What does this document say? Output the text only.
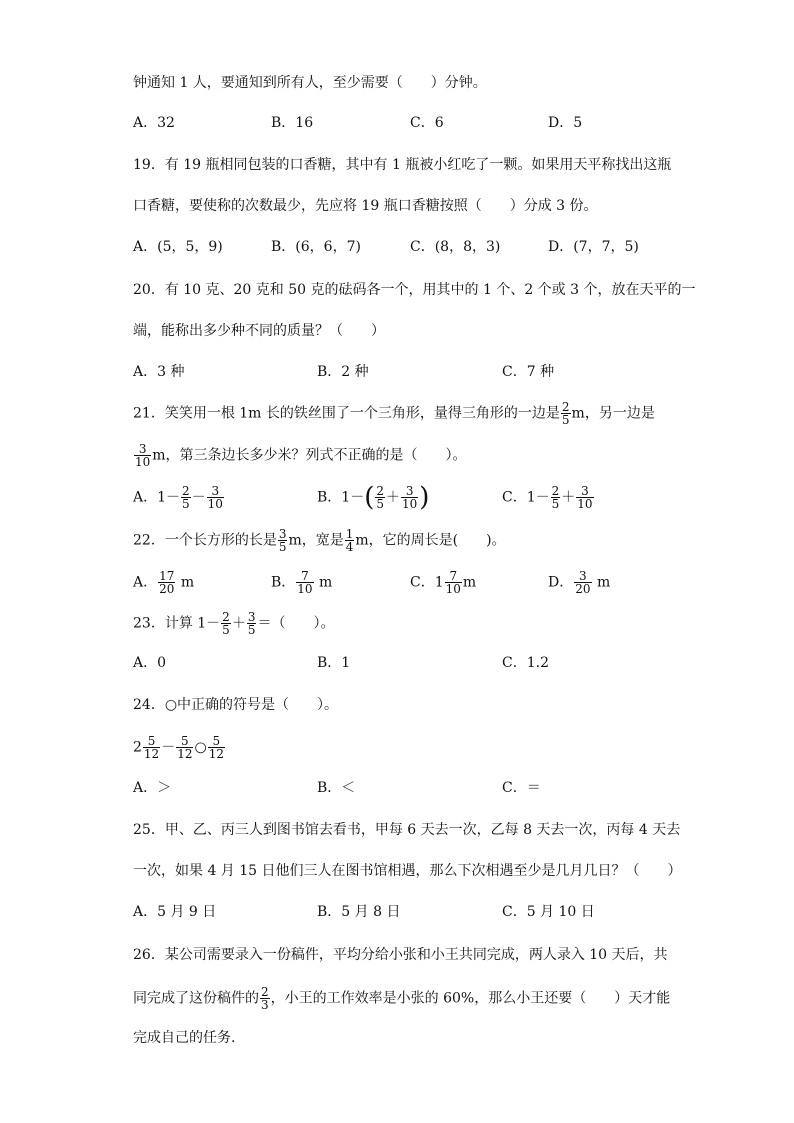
钟通知 1 人，要通知到所有人，至少需要（　　）分钟。
A．32	B．16	C．6	D．5
19．有 19 瓶相同包装的口香糖，其中有 1 瓶被小红吃了一颗。如果用天平称找出这瓶
口香糖，要使称的次数最少，先应将 19 瓶口香糖按照（　　）分成 3 份。
A．(5，5，9)	B．(6，6，7)	C．(8，8，3)	D．(7，7，5)
20．有 10 克、20 克和 50 克的砝码各一个，用其中的 1 个、2 个或 3 个，放在天平的一
端，能称出多少种不同的质量？（　　）
A．3 种	B．2 种	C．7 种
21．笑笑用一根 1m 长的铁丝围了一个三角形，量得三角形的一边是 $\frac{2}{5}$ m，另一边是
$\frac{3}{10}$ m，第三条边长多少米？列式不正确的是（　　）。
A．$1- \frac{2}{5} - \frac{3}{10}$	B．$1-( \frac{2}{5} + \frac{3}{10}$ )	C．$1- \frac{2}{5} + \frac{3}{10}$
22．一个长方形的长是 $\frac{3}{5}$ m，宽是 $\frac{1}{4}$ m，它的周长是(　　)。
A． $\frac{17}{20}$ m	B． $\frac{7}{10}$ m	C．$1 \frac{7}{10}$ m	D． $\frac{3}{20}$ m
23．计算 $1- \frac{2}{5} + \frac{3}{5}$ ＝（　　）。
A．0	B．1	C．1.2
24．○中正确的符号是（　　）。
$2 \frac{5}{12} - \frac{5}{12}$ ○ $\frac{5}{12}$
A．＞	B．＜	C．＝
25．甲、乙、丙三人到图书馆去看书，甲每 6 天去一次，乙每 8 天去一次，丙每 4 天去
一次，如果 4 月 15 日他们三人在图书馆相遇，那么下次相遇至少是几月几日？（　　）
A．5 月 9 日	B．5 月 8 日	C．5 月 10 日
26．某公司需要录入一份稿件，平均分给小张和小王共同完成，两人录入 10 天后，共
同完成了这份稿件的 $\frac{2}{3}$ ，小王的工作效率是小张的 60%，那么小王还要（　　）天才能
完成自己的任务.
